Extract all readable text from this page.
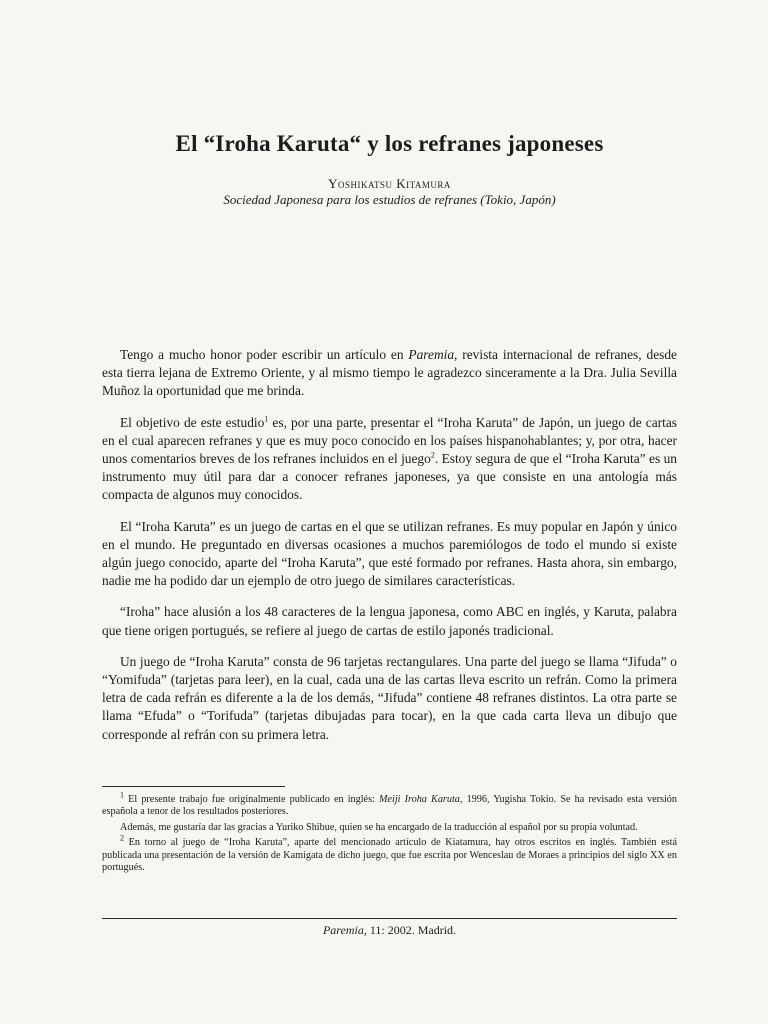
El “Iroha Karuta“ y los refranes japoneses
Yoshikatsu Kitamura
Sociedad Japonesa para los estudios de refranes (Tokio, Japón)

Tengo a mucho honor poder escribir un artículo en Paremia, revista internacional de refranes, desde esta tierra lejana de Extremo Oriente, y al mismo tiempo le agradezco sinceramente a la Dra. Julia Sevilla Muñoz la oportunidad que me brinda.

El objetivo de este estudio$^1$ es, por una parte, presentar el “Iroha Karuta” de Japón, un juego de cartas en el cual aparecen refranes y que es muy poco conocido en los países hispanohablantes; y, por otra, hacer unos comentarios breves de los refranes incluidos en el juego$^2$. Estoy segura de que el “Iroha Karuta” es un instrumento muy útil para dar a conocer refranes japoneses, ya que consiste en una antología más compacta de algunos muy conocidos.

El “Iroha Karuta” es un juego de cartas en el que se utilizan refranes. Es muy popular en Japón y único en el mundo. He preguntado en diversas ocasiones a muchos paremiólogos de todo el mundo si existe algún juego conocido, aparte del “Iroha Karuta”, que esté formado por refranes. Hasta ahora, sin embargo, nadie me ha podido dar un ejemplo de otro juego de similares características.

“Iroha” hace alusión a los 48 caracteres de la lengua japonesa, como ABC en inglés, y Karuta, palabra que tiene origen portugués, se refiere al juego de cartas de estilo japonés tradicional.

Un juego de “Iroha Karuta” consta de 96 tarjetas rectangulares. Una parte del juego se llama “Jifuda” o “Yomifuda” (tarjetas para leer), en la cual, cada una de las cartas lleva escrito un refrán. Como la primera letra de cada refrán es diferente a la de los demás, “Jifuda” contiene 48 refranes distintos. La otra parte se llama “Efuda” o “Torifuda” (tarjetas dibujadas para tocar), en la que cada carta lleva un dibujo que corresponde al refrán con su primera letra.

$^1$ El presente trabajo fue originalmente publicado en inglés: Meiji Iroha Karuta, 1996, Yugisha Tokio. Se ha revisado esta versión española a tenor de los resultados posteriores.

Además, me gustaría dar las gracias a Yuriko Shibue, quien se ha encargado de la traducción al español por su propia voluntad.

$^2$ En torno al juego de “Iroha Karuta”, aparte del mencionado artículo de Kiatamura, hay otros escritos en inglés. También está publicada una presentación de la versión de Kamigata de dicho juego, que fue escrita por Wenceslau de Moraes a principios del siglo XX en portugués.

Paremia, 11: 2002. Madrid.
